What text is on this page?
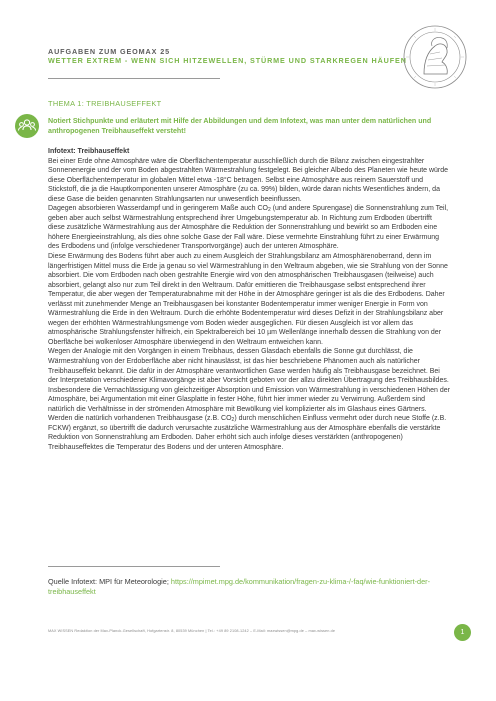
AUFGABEN ZUM GEOMAX 25
WETTER EXTREM - WENN SICH HITZEWELLEN, STÜRME UND STARKREGEN HÄUFEN
THEMA 1: TREIBHAUSEFFEKT
Notiert Stichpunkte und erläutert mit Hilfe der Abbildungen und dem Infotext, was man unter dem natürlichen und anthropogenen Treibhauseffekt versteht!

Infotext: Treibhauseffekt

Bei einer Erde ohne Atmosphäre wäre die Oberflächentemperatur ausschließlich durch die Bilanz zwischen eingestrahlter Sonnenenergie und der vom Boden abgestrahlten Wärmestrahlung festgelegt. Bei gleicher Albedo des Planeten wie heute würde diese Oberflächentemperatur im globalen Mittel etwa -18°C betragen. Selbst eine Atmosphäre aus reinem Sauerstoff und Stickstoff, die ja die Hauptkomponenten unserer Atmosphäre (zu ca. 99%) bilden, würde daran nichts Wesentliches ändern, da diese Gase die beiden genannten Strahlungsarten nur unwesentlich beeinflussen.

Dagegen absorbieren Wasserdampf und in geringerem Maße auch $CO_2$ (und andere Spurengase) die Sonnenstrahlung zum Teil, geben aber auch selbst Wärmestrahlung entsprechend ihrer Umgebungstemperatur ab. In Richtung zum Erdboden übertrifft diese zusätzliche Wärmestrahlung aus der Atmosphäre die Reduktion der Sonnenstrahlung und bewirkt so am Erdboden eine höhere Energieeinstrahlung, als dies ohne solche Gase der Fall wäre. Diese vermehrte Einstrahlung führt zu einer Erwärmung des Erdbodens und (infolge verschiedener Transportvorgänge) auch der unteren Atmosphäre.

Diese Erwärmung des Bodens führt aber auch zu einem Ausgleich der Strahlungsbilanz am Atmosphärenoberrand, denn im längerfristigen Mittel muss die Erde ja genau so viel Wärmestrahlung in den Weltraum abgeben, wie sie Strahlung von der Sonne absorbiert. Die vom Erdboden nach oben gestrahlte Energie wird von den atmosphärischen Treibhausgasen (teilweise) auch absorbiert, gelangt also nur zum Teil direkt in den Weltraum. Dafür emittieren die Treibhausgase selbst entsprechend ihrer Temperatur, die aber wegen der Temperaturabnahme mit der Höhe in der Atmosphäre geringer ist als die des Erdbodens. Daher verlässt mit zunehmender Menge an Treibhausgasen bei konstanter Bodentemperatur immer weniger Energie in Form von Wärmestrahlung die Erde in den Weltraum. Durch die erhöhte Bodentemperatur wird dieses Defizit in der Strahlungsbilanz aber wegen der erhöhten Wärmestrahlungsmenge vom Boden wieder ausgeglichen. Für diesen Ausgleich ist vor allem das atmosphärische Strahlungsfenster hilfreich, ein Spektralbereich bei 10 µm Wellenlänge innerhalb dessen die Strahlung von der Oberfläche bei wolkenloser Atmosphäre überwiegend in den Weltraum entweichen kann.

Wegen der Analogie mit den Vorgängen in einem Treibhaus, dessen Glasdach ebenfalls die Sonne gut durchlässt, die Wärmestrahlung von der Erdoberfläche aber nicht hinauslässt, ist das hier beschriebene Phänomen auch als natürlicher Treibhauseffekt bekannt. Die dafür in der Atmosphäre verantwortlichen Gase werden häufig als Treibhausgase bezeichnet. Bei der Interpretation verschiedener Klimavorgänge ist aber Vorsicht geboten vor der allzu direkten Übertragung des Treibhausbildes. Insbesondere die Vernachlässigung von gleichzeitiger Absorption und Emission von Wärmestrahlung in verschiedenen Höhen der Atmosphäre, bei Argumentation mit einer Glasplatte in fester Höhe, führt hier immer wieder zu Verwirrung. Außerdem sind natürlich die Verhältnisse in der strömenden Atmosphäre mit Bewölkung viel komplizierter als im Glashaus eines Gärtners.

Werden die natürlich vorhandenen Treibhausgase (z.B. $CO_2$) durch menschlichen Einfluss vermehrt oder durch neue Stoffe (z.B. FCKW) ergänzt, so übertrifft die dadurch verursachte zusätzliche Wärmestrahlung aus der Atmosphäre ebenfalls die verstärkte Reduktion von Sonnenstrahlung am Erdboden. Daher erhöht sich auch infolge dieses verstärkten (anthropogenen) Treibhauseffektes die Temperatur des Bodens und der unteren Atmosphäre.

Quelle Infotext: MPI für Meteorologie; https://mpimet.mpg.de/kommunikation/fragen-zu-klima-/-faq/wie-funktioniert-der-treibhauseffekt
MAX WISSEN Redaktion der Max-Planck-Gesellschaft, Hofgartenstr. 8, 80539 München | Tel.: +49 89 2108-1242 – E-Mail: maxwissen@mpg.de – max-wissen.de	1
